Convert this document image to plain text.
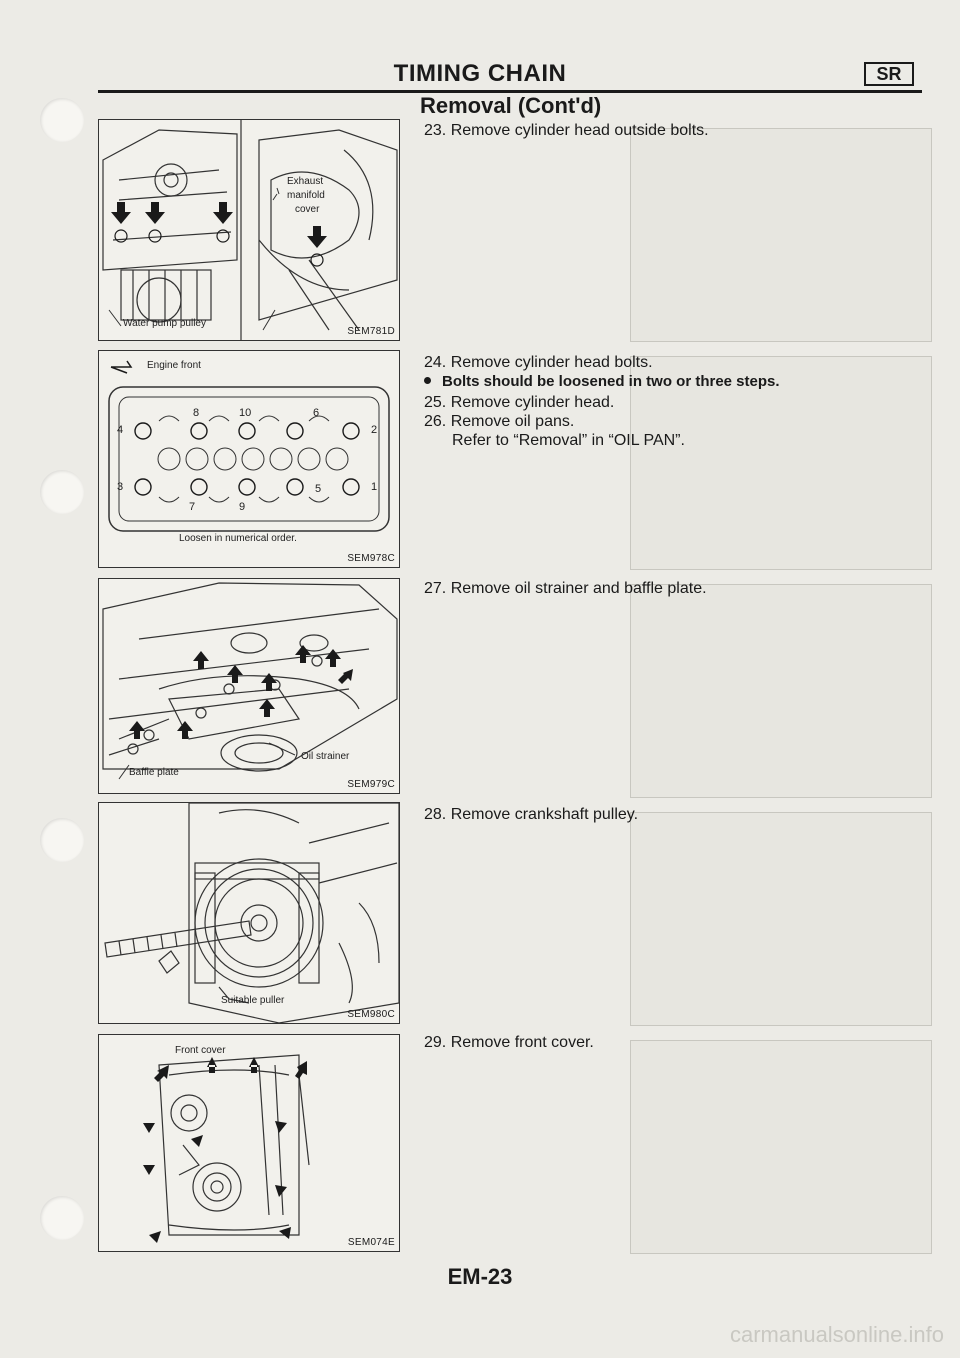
TIMING CHAIN	SR
Removal (Cont'd)
Exhaust
manifold
cover
Water pump pulley
SEM781D
Engine front
4
8	10	6
2
3
7	9
5	1
Loosen in numerical order.
SEM978C
Oil strainer
Baffle plate
SEM979C
Suitable puller
SEM980C
Front cover
SEM074E
23. Remove cylinder head outside bolts.
24. Remove cylinder head bolts.
Bolts should be loosened in two or three steps.
25. Remove cylinder head.
26. Remove oil pans.
Refer to “Removal” in “OIL PAN”.
27. Remove oil strainer and baffle plate.
28. Remove crankshaft pulley.
29. Remove front cover.
EM-23
carmanualsonline.info
